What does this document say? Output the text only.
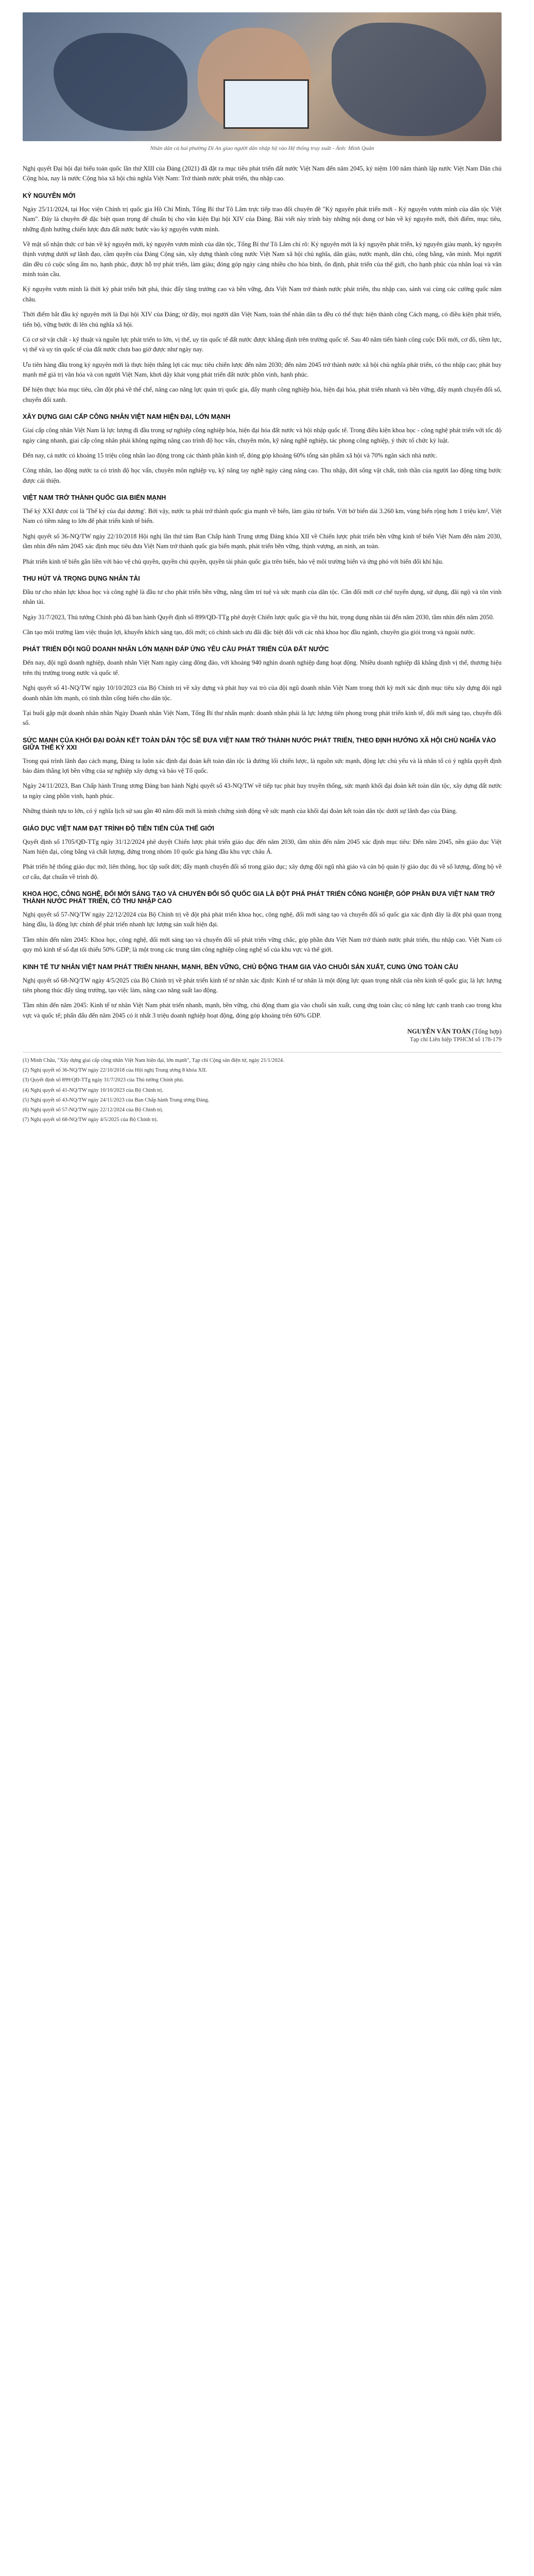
Nhân dân cả hai phường Di An giao người dân nhập hộ vào Hệ thống truy xuất - Ảnh: Minh Quân

Nghị quyết Đại hội đại biểu toàn quốc lần thứ XIII của Đảng (2021) đã đặt ra mục tiêu phát triển đất nước Việt Nam đến năm 2045, kỷ niệm 100 năm thành lập nước Việt Nam Dân chủ Cộng hòa, nay là nước Cộng hòa xã hội chủ nghĩa Việt Nam: Trở thành nước phát triển, thu nhập cao.

KỶ NGUYÊN MỚI

Ngày 25/11/2024, tại Học viện Chính trị quốc gia Hồ Chí Minh, Tổng Bí thư Tô Lâm trực tiếp trao đổi chuyên đề "Kỷ nguyên phát triển mới - Kỷ nguyên vươn mình của dân tộc Việt Nam". Đây là chuyên đề đặc biệt quan trọng để chuẩn bị cho văn kiện Đại hội XIV của Đảng. Bài viết này trình bày những nội dung cơ bản về kỷ nguyên mới, thời điểm, mục tiêu, những định hướng chiến lược đưa đất nước bước vào kỷ nguyên vươn mình.

Về mặt số nhận thức cơ bản về kỷ nguyên mới, kỷ nguyên vươn mình của dân tộc, Tổng Bí thư Tô Lâm chỉ rõ: Kỷ nguyên mới là kỷ nguyên phát triển, kỷ nguyên giàu mạnh, kỷ nguyên thịnh vượng dưới sự lãnh đạo, cầm quyền của Đảng Cộng sản, xây dựng thành công nước Việt Nam xã hội chủ nghĩa, dân giàu, nước mạnh, dân chủ, công bằng, văn minh. Mọi người dân đều có cuộc sống ấm no, hạnh phúc, được hỗ trợ phát triển, làm giàu; đóng góp ngày càng nhiều cho hòa bình, ổn định, phát triển của thế giới, cho hạnh phúc của nhân loại và văn minh toàn cầu.

Kỷ nguyên vươn mình là thời kỳ phát triển bứt phá, thúc đẩy tăng trưởng cao và bền vững, đưa Việt Nam trở thành nước phát triển, thu nhập cao, sánh vai cùng các cường quốc năm châu.

Thời điểm bắt đầu kỷ nguyên mới là Đại hội XIV của Đảng; từ đây, mọi người dân Việt Nam, toàn thể nhân dân ta đều có thể thực hiện thành công Cách mạng, có điều kiện phát triển, tiến bộ, vững bước đi lên chủ nghĩa xã hội.

Có cơ sở vật chất - kỹ thuật và nguồn lực phát triển to lớn, vị thế, uy tín quốc tế đất nước được khẳng định trên trường quốc tế. Sau 40 năm tiến hành công cuộc Đổi mới, cơ đồ, tiềm lực, vị thế và uy tín quốc tế của đất nước chưa bao giờ được như ngày nay.

Ưu tiên hàng đầu trong kỷ nguyên mới là thực hiện thắng lợi các mục tiêu chiến lược đến năm 2030; đến năm 2045 trở thành nước xã hội chủ nghĩa phát triển, có thu nhập cao; phát huy mạnh mẽ giá trị văn hóa và con người Việt Nam, khơi dậy khát vọng phát triển đất nước phồn vinh, hạnh phúc.

Để hiện thực hóa mục tiêu, cần đột phá về thể chế, nâng cao năng lực quản trị quốc gia, đẩy mạnh công nghiệp hóa, hiện đại hóa, phát triển nhanh và bền vững, đẩy mạnh chuyển đổi số, chuyển đổi xanh.

XÂY DỰNG GIAI CẤP CÔNG NHÂN VIỆT NAM HIỆN ĐẠI, LỚN MẠNH

Giai cấp công nhân Việt Nam là lực lượng đi đầu trong sự nghiệp công nghiệp hóa, hiện đại hóa đất nước và hội nhập quốc tế. Trong điều kiện khoa học - công nghệ phát triển với tốc độ ngày càng nhanh, giai cấp công nhân phải không ngừng nâng cao trình độ học vấn, chuyên môn, kỹ năng nghề nghiệp, tác phong công nghiệp, ý thức tổ chức kỷ luật.

Đến nay, cả nước có khoảng 15 triệu công nhân lao động trong các thành phần kinh tế, đóng góp khoảng 60% tổng sản phẩm xã hội và 70% ngân sách nhà nước.

Công nhân, lao động nước ta có trình độ học vấn, chuyên môn nghiệp vụ, kỹ năng tay nghề ngày càng nâng cao. Thu nhập, đời sống vật chất, tinh thần của người lao động từng bước được cải thiện.

VIỆT NAM TRỞ THÀNH QUỐC GIA BIỂN MẠNH

Thế kỷ XXI được coi là 'Thế kỷ của đại dương'. Bởi vậy, nước ta phải trở thành quốc gia mạnh về biển, làm giàu từ biển. Với bờ biển dài 3.260 km, vùng biển rộng hơn 1 triệu km², Việt Nam có tiềm năng to lớn để phát triển kinh tế biển.

Nghị quyết số 36-NQ/TW ngày 22/10/2018 Hội nghị lần thứ tám Ban Chấp hành Trung ương Đảng khóa XII về Chiến lược phát triển bền vững kinh tế biển Việt Nam đến năm 2030, tầm nhìn đến năm 2045 xác định mục tiêu đưa Việt Nam trở thành quốc gia biển mạnh, phát triển bền vững, thịnh vượng, an ninh, an toàn.

Phát triển kinh tế biển gắn liền với bảo vệ chủ quyền, quyền chủ quyền, quyền tài phán quốc gia trên biển, bảo vệ môi trường biển và ứng phó với biến đổi khí hậu.

THU HÚT VÀ TRỌNG DỤNG NHÂN TÀI

Đầu tư cho nhân lực khoa học và công nghệ là đầu tư cho phát triển bền vững, nâng tầm trí tuệ và sức mạnh của dân tộc. Cần đổi mới cơ chế tuyển dụng, sử dụng, đãi ngộ và tôn vinh nhân tài.

Ngày 31/7/2023, Thủ tướng Chính phủ đã ban hành Quyết định số 899/QĐ-TTg phê duyệt Chiến lược quốc gia về thu hút, trọng dụng nhân tài đến năm 2030, tầm nhìn đến năm 2050.

Cần tạo môi trường làm việc thuận lợi, khuyến khích sáng tạo, đổi mới; có chính sách ưu đãi đặc biệt đối với các nhà khoa học đầu ngành, chuyên gia giỏi trong và ngoài nước.

PHÁT TRIỂN ĐỘI NGŨ DOANH NHÂN LỚN MẠNH ĐÁP ỨNG YÊU CẦU PHÁT TRIỂN CỦA ĐẤT NƯỚC

Đến nay, đội ngũ doanh nghiệp, doanh nhân Việt Nam ngày càng đông đảo, với khoảng 940 nghìn doanh nghiệp đang hoạt động. Nhiều doanh nghiệp đã khẳng định vị thế, thương hiệu trên thị trường trong nước và quốc tế.

Nghị quyết số 41-NQ/TW ngày 10/10/2023 của Bộ Chính trị về xây dựng và phát huy vai trò của đội ngũ doanh nhân Việt Nam trong thời kỳ mới xác định mục tiêu xây dựng đội ngũ doanh nhân lớn mạnh, có tinh thần cống hiến cho dân tộc.

Tại buổi gặp mặt doanh nhân nhân Ngày Doanh nhân Việt Nam, Tổng Bí thư nhấn mạnh: doanh nhân phải là lực lượng tiên phong trong phát triển kinh tế, đổi mới sáng tạo, chuyển đổi số.

SỨC MẠNH CỦA KHỐI ĐẠI ĐOÀN KẾT TOÀN DÂN TỘC SẼ ĐƯA VIỆT NAM TRỞ THÀNH NƯỚC PHÁT TRIỂN, THEO ĐỊNH HƯỚNG XÃ HỘI CHỦ NGHĨA VÀO GIỮA THẾ KỶ XXI

Trong quá trình lãnh đạo cách mạng, Đảng ta luôn xác định đại đoàn kết toàn dân tộc là đường lối chiến lược, là nguồn sức mạnh, động lực chủ yếu và là nhân tố có ý nghĩa quyết định bảo đảm thắng lợi bền vững của sự nghiệp xây dựng và bảo vệ Tổ quốc.

Ngày 24/11/2023, Ban Chấp hành Trung ương Đảng ban hành Nghị quyết số 43-NQ/TW về tiếp tục phát huy truyền thống, sức mạnh khối đại đoàn kết toàn dân tộc, xây dựng đất nước ta ngày càng phồn vinh, hạnh phúc.

Những thành tựu to lớn, có ý nghĩa lịch sử sau gần 40 năm đổi mới là minh chứng sinh động về sức mạnh của khối đại đoàn kết toàn dân tộc dưới sự lãnh đạo của Đảng.

GIÁO DỤC VIỆT NAM ĐẠT TRÌNH ĐỘ TIÊN TIẾN CỦA THẾ GIỚI

Quyết định số 1705/QĐ-TTg ngày 31/12/2024 phê duyệt Chiến lược phát triển giáo dục đến năm 2030, tầm nhìn đến năm 2045 xác định mục tiêu: Đến năm 2045, nền giáo dục Việt Nam hiện đại, công bằng và chất lượng, đứng trong nhóm 10 quốc gia hàng đầu khu vực châu Á.

Phát triển hệ thống giáo dục mở, liên thông, học tập suốt đời; đẩy mạnh chuyển đổi số trong giáo dục; xây dựng đội ngũ nhà giáo và cán bộ quản lý giáo dục đủ về số lượng, đồng bộ về cơ cấu, đạt chuẩn về trình độ.

KHOA HỌC, CÔNG NGHỆ, ĐỔI MỚI SÁNG TẠO VÀ CHUYỂN ĐỔI SỐ QUỐC GIA LÀ ĐỘT PHÁ PHÁT TRIỂN CÔNG NGHIỆP, GÓP PHẦN ĐƯA VIỆT NAM TRỞ THÀNH NƯỚC PHÁT TRIỂN, CÓ THU NHẬP CAO

Nghị quyết số 57-NQ/TW ngày 22/12/2024 của Bộ Chính trị về đột phá phát triển khoa học, công nghệ, đổi mới sáng tạo và chuyển đổi số quốc gia xác định đây là đột phá quan trọng hàng đầu, là động lực chính để phát triển nhanh lực lượng sản xuất hiện đại.

Tầm nhìn đến năm 2045: Khoa học, công nghệ, đổi mới sáng tạo và chuyển đổi số phát triển vững chắc, góp phần đưa Việt Nam trở thành nước phát triển, thu nhập cao. Việt Nam có quy mô kinh tế số đạt tối thiểu 50% GDP; là một trong các trung tâm công nghiệp công nghệ số của khu vực và thế giới.

KINH TẾ TƯ NHÂN VIỆT NAM PHÁT TRIỂN NHANH, MẠNH, BỀN VỮNG, CHỦ ĐỘNG THAM GIA VÀO CHUỖI SẢN XUẤT, CUNG ỨNG TOÀN CẦU

Nghị quyết số 68-NQ/TW ngày 4/5/2025 của Bộ Chính trị về phát triển kinh tế tư nhân xác định: Kinh tế tư nhân là một động lực quan trọng nhất của nền kinh tế quốc gia; là lực lượng tiên phong thúc đẩy tăng trưởng, tạo việc làm, nâng cao năng suất lao động.

Tầm nhìn đến năm 2045: Kinh tế tư nhân Việt Nam phát triển nhanh, mạnh, bền vững, chủ động tham gia vào chuỗi sản xuất, cung ứng toàn cầu; có năng lực cạnh tranh cao trong khu vực và quốc tế; phấn đấu đến năm 2045 có ít nhất 3 triệu doanh nghiệp hoạt động, đóng góp khoảng trên 60% GDP.

NGUYỄN VĂN TOÀN (Tổng hợp)
Tạp chí Liên hiệp TPHCM số 178-179

(1) Minh Châu, "Xây dựng giai cấp công nhân Việt Nam hiện đại, lớn mạnh", Tạp chí Cộng sản điện tử, ngày 21/1/2024.

(2) Nghị quyết số 36-NQ/TW ngày 22/10/2018 của Hội nghị Trung ương 8 khóa XII.

(3) Quyết định số 899/QĐ-TTg ngày 31/7/2023 của Thủ tướng Chính phủ.

(4) Nghị quyết số 41-NQ/TW ngày 10/10/2023 của Bộ Chính trị.

(5) Nghị quyết số 43-NQ/TW ngày 24/11/2023 của Ban Chấp hành Trung ương Đảng.

(6) Nghị quyết số 57-NQ/TW ngày 22/12/2024 của Bộ Chính trị.

(7) Nghị quyết số 68-NQ/TW ngày 4/5/2025 của Bộ Chính trị.
